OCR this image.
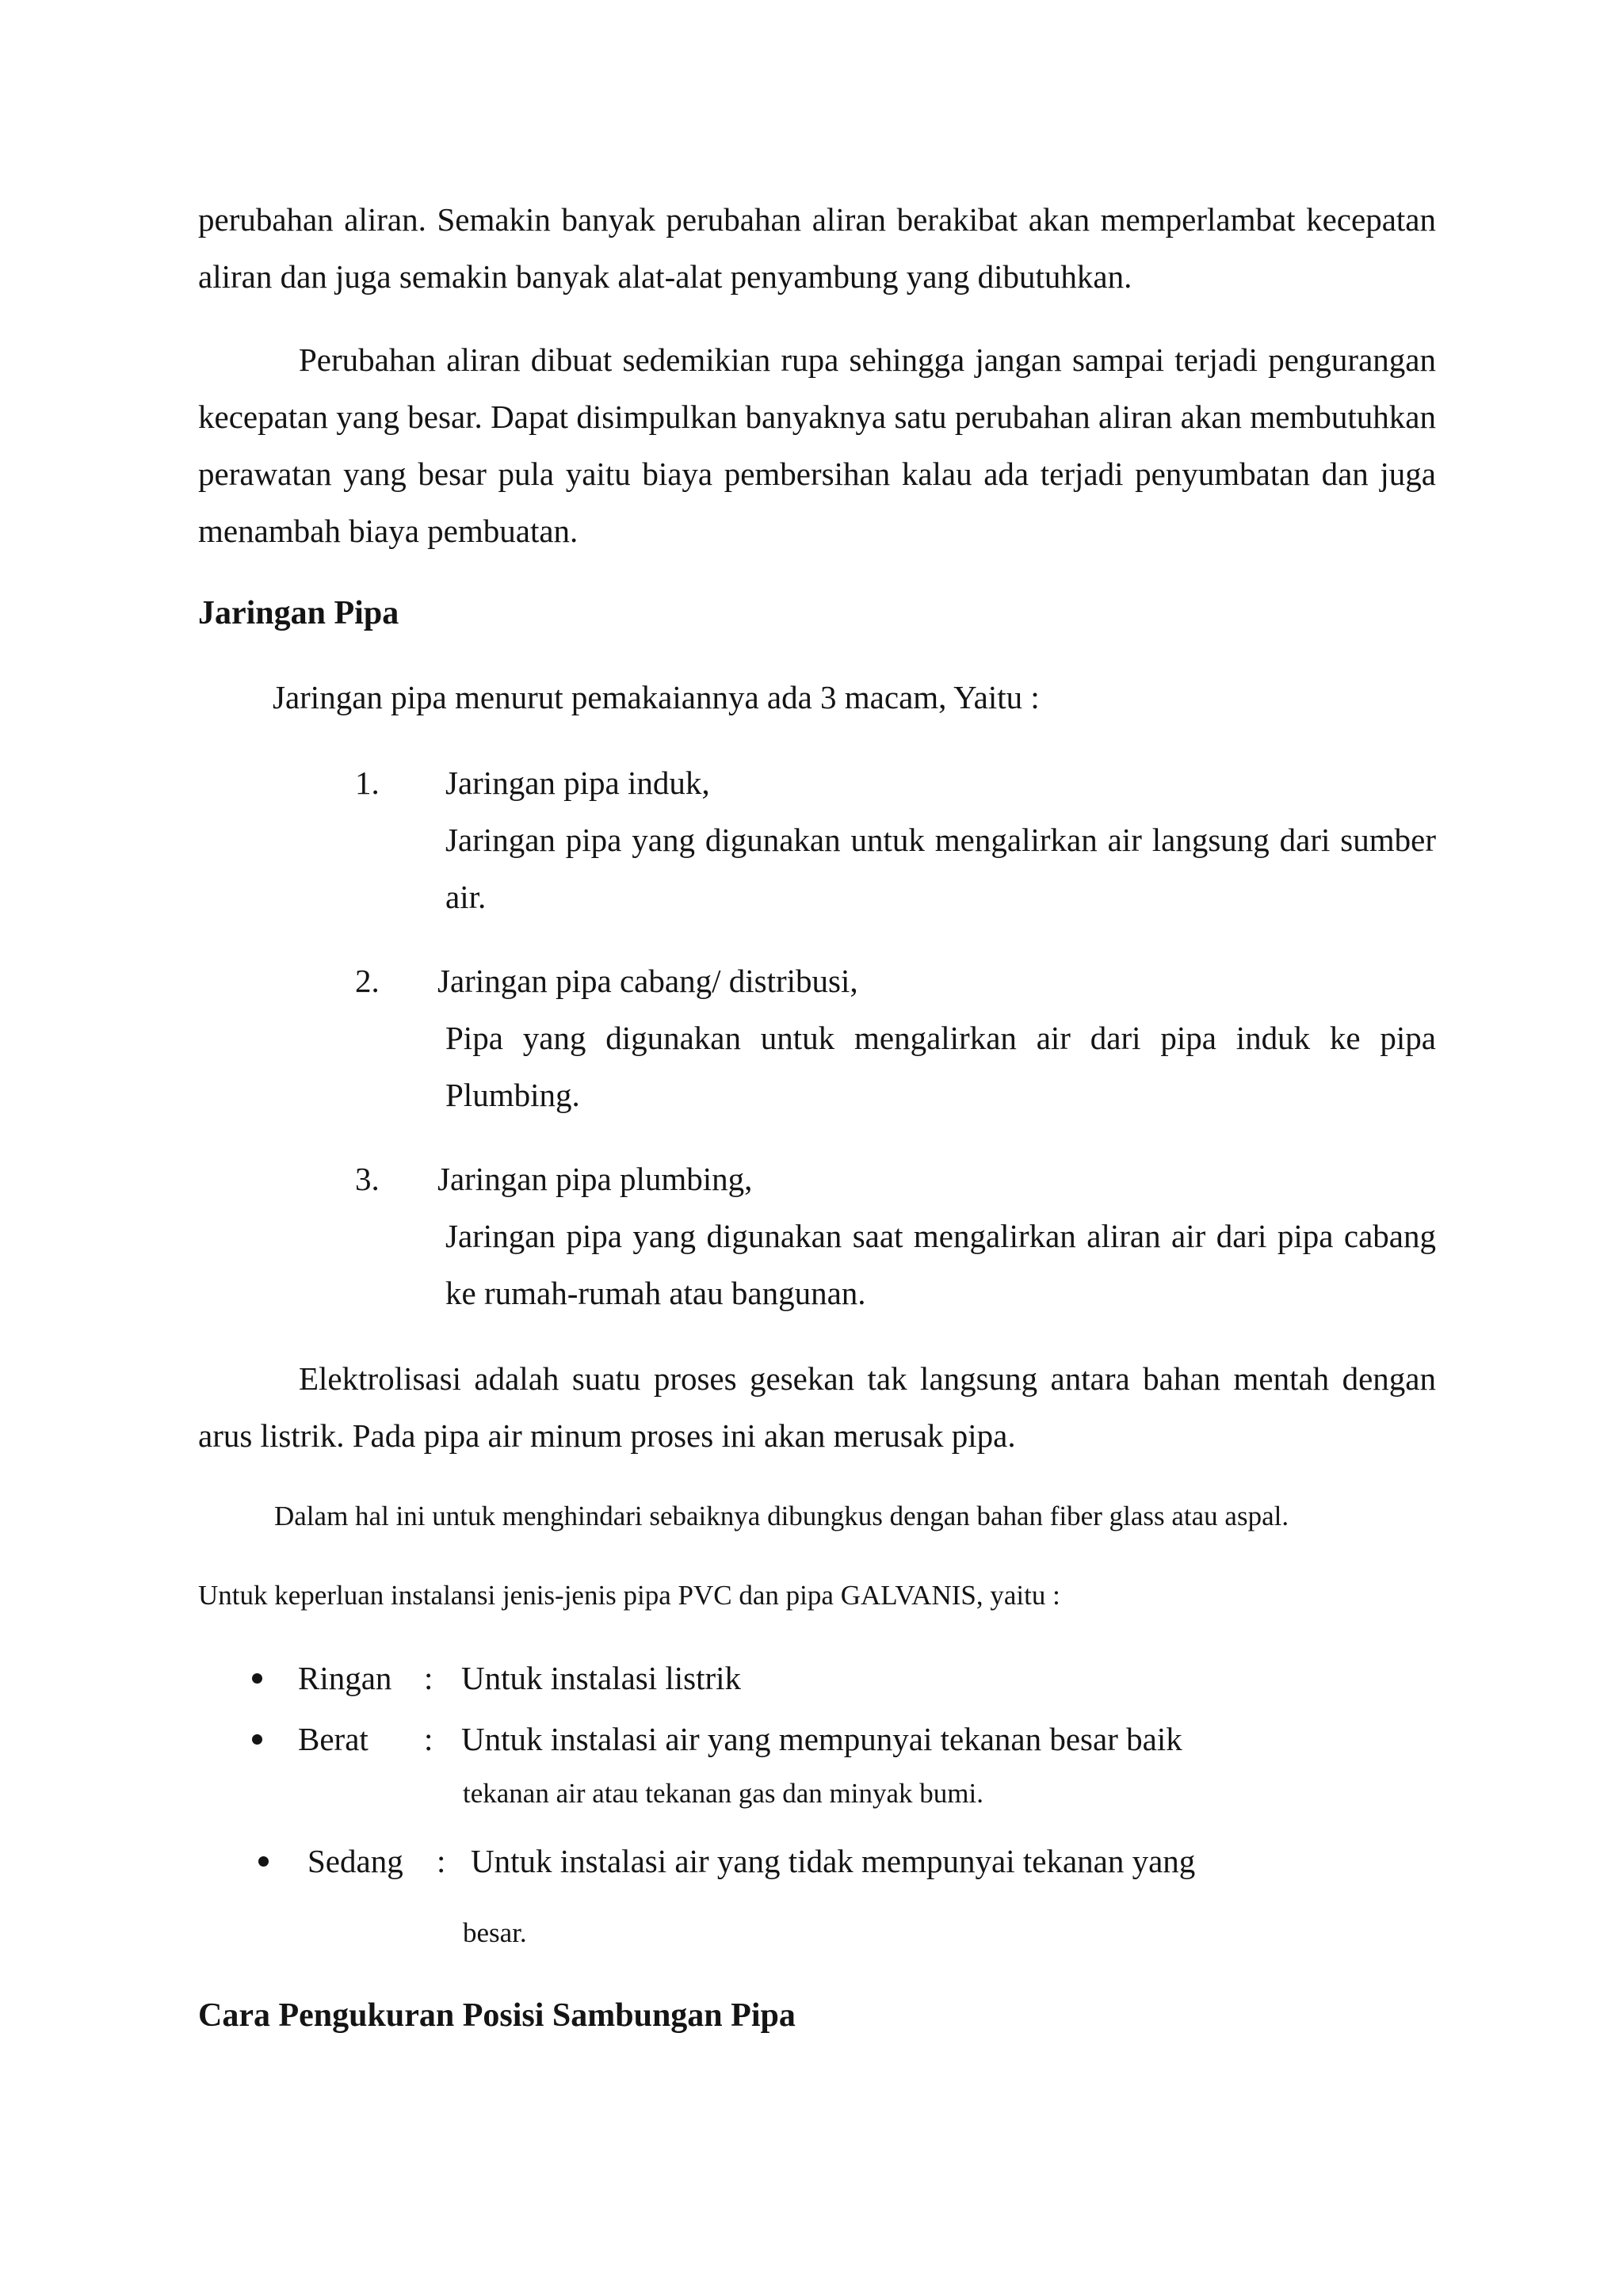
perubahan aliran. Semakin banyak perubahan aliran berakibat akan memperlambat kecepatan aliran dan juga semakin banyak alat-alat penyambung yang dibutuhkan.

Perubahan aliran dibuat sedemikian rupa sehingga jangan sampai terjadi pengurangan kecepatan yang besar. Dapat disimpulkan banyaknya satu perubahan aliran akan membutuhkan perawatan yang besar pula yaitu biaya pembersihan kalau ada terjadi penyumbatan dan juga menambah biaya pembuatan.

Jaringan Pipa
Jaringan pipa menurut pemakaiannya ada 3 macam, Yaitu :
1. Jaringan pipa induk,

Jaringan pipa yang digunakan untuk mengalirkan air langsung dari sumber air.

2. Jaringan pipa cabang/ distribusi,

Pipa yang digunakan untuk mengalirkan air dari pipa induk ke pipa Plumbing.

3. Jaringan pipa plumbing,

Jaringan pipa yang digunakan saat mengalirkan aliran air dari pipa cabang ke rumah-rumah atau bangunan.

Elektrolisasi adalah suatu proses gesekan tak langsung antara bahan mentah dengan arus listrik. Pada pipa air minum proses ini akan merusak pipa.

Dalam hal ini untuk menghindari sebaiknya dibungkus dengan bahan fiber glass atau aspal.
Untuk keperluan instalansi jenis-jenis pipa PVC dan pipa GALVANIS, yaitu :
Ringan : Untuk instalasi listrik
Berat : Untuk instalasi air yang mempunyai tekanan besar baik
tekanan air atau tekanan gas dan minyak bumi.
Sedang : Untuk instalasi air yang tidak mempunyai tekanan yang
besar.
Cara Pengukuran Posisi Sambungan Pipa
